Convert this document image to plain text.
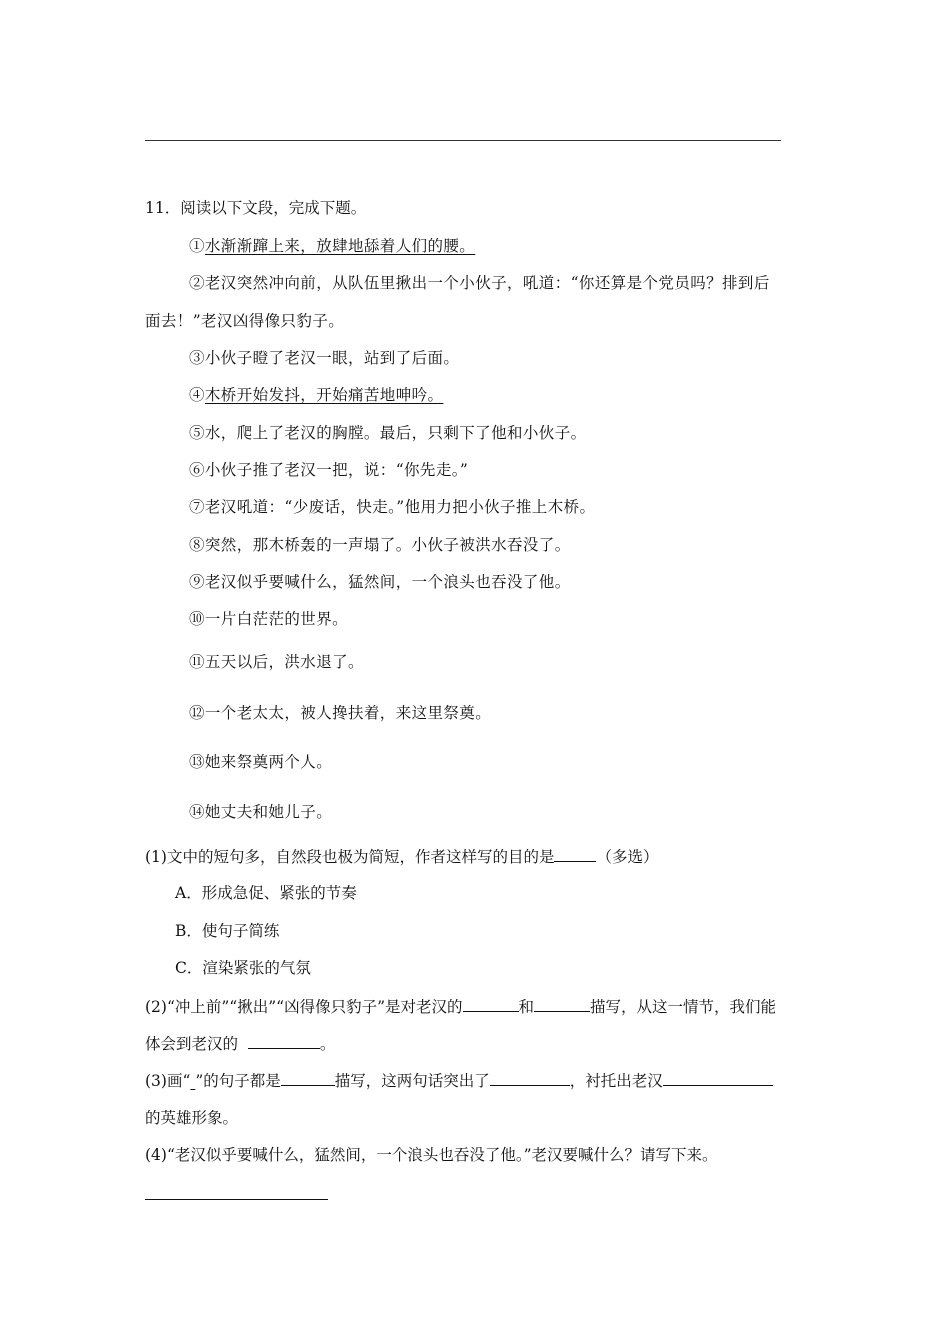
11．阅读以下文段，完成下题。
①水渐渐蹿上来，放肆地舔着人们的腰。
②老汉突然冲向前，从队伍里揪出一个小伙子，吼道：“你还算是个党员吗？排到后
面去！”老汉凶得像只豹子。
③小伙子瞪了老汉一眼，站到了后面。
④木桥开始发抖，开始痛苦地呻吟。
⑤水，爬上了老汉的胸膛。最后，只剩下了他和小伙子。
⑥小伙子推了老汉一把，说：“你先走。”
⑦老汉吼道：“少废话，快走。”他用力把小伙子推上木桥。
⑧突然，那木桥轰的一声塌了。小伙子被洪水吞没了。
⑨老汉似乎要喊什么，猛然间，一个浪头也吞没了他。
⑩一片白茫茫的世界。
⑪五天以后，洪水退了。
⑫一个老太太，被人搀扶着，来这里祭奠。
⑬她来祭奠两个人。
⑭她丈夫和她儿子。
(1)文中的短句多，自然段也极为简短，作者这样写的目的是	（多选）
A．形成急促、紧张的节奏
B．使句子简练
C．渲染紧张的气氛
(2)“冲上前”“揪出”“凶得像只豹子”是对老汉的	和	描写，从这一情节，我们能
体会到老汉的	。
(3)画“ ”的句子都是	描写，这两句话突出了	，衬托出老汉
的英雄形象。
(4)“老汉似乎要喊什么，猛然间，一个浪头也吞没了他。”老汉要喊什么？请写下来。
